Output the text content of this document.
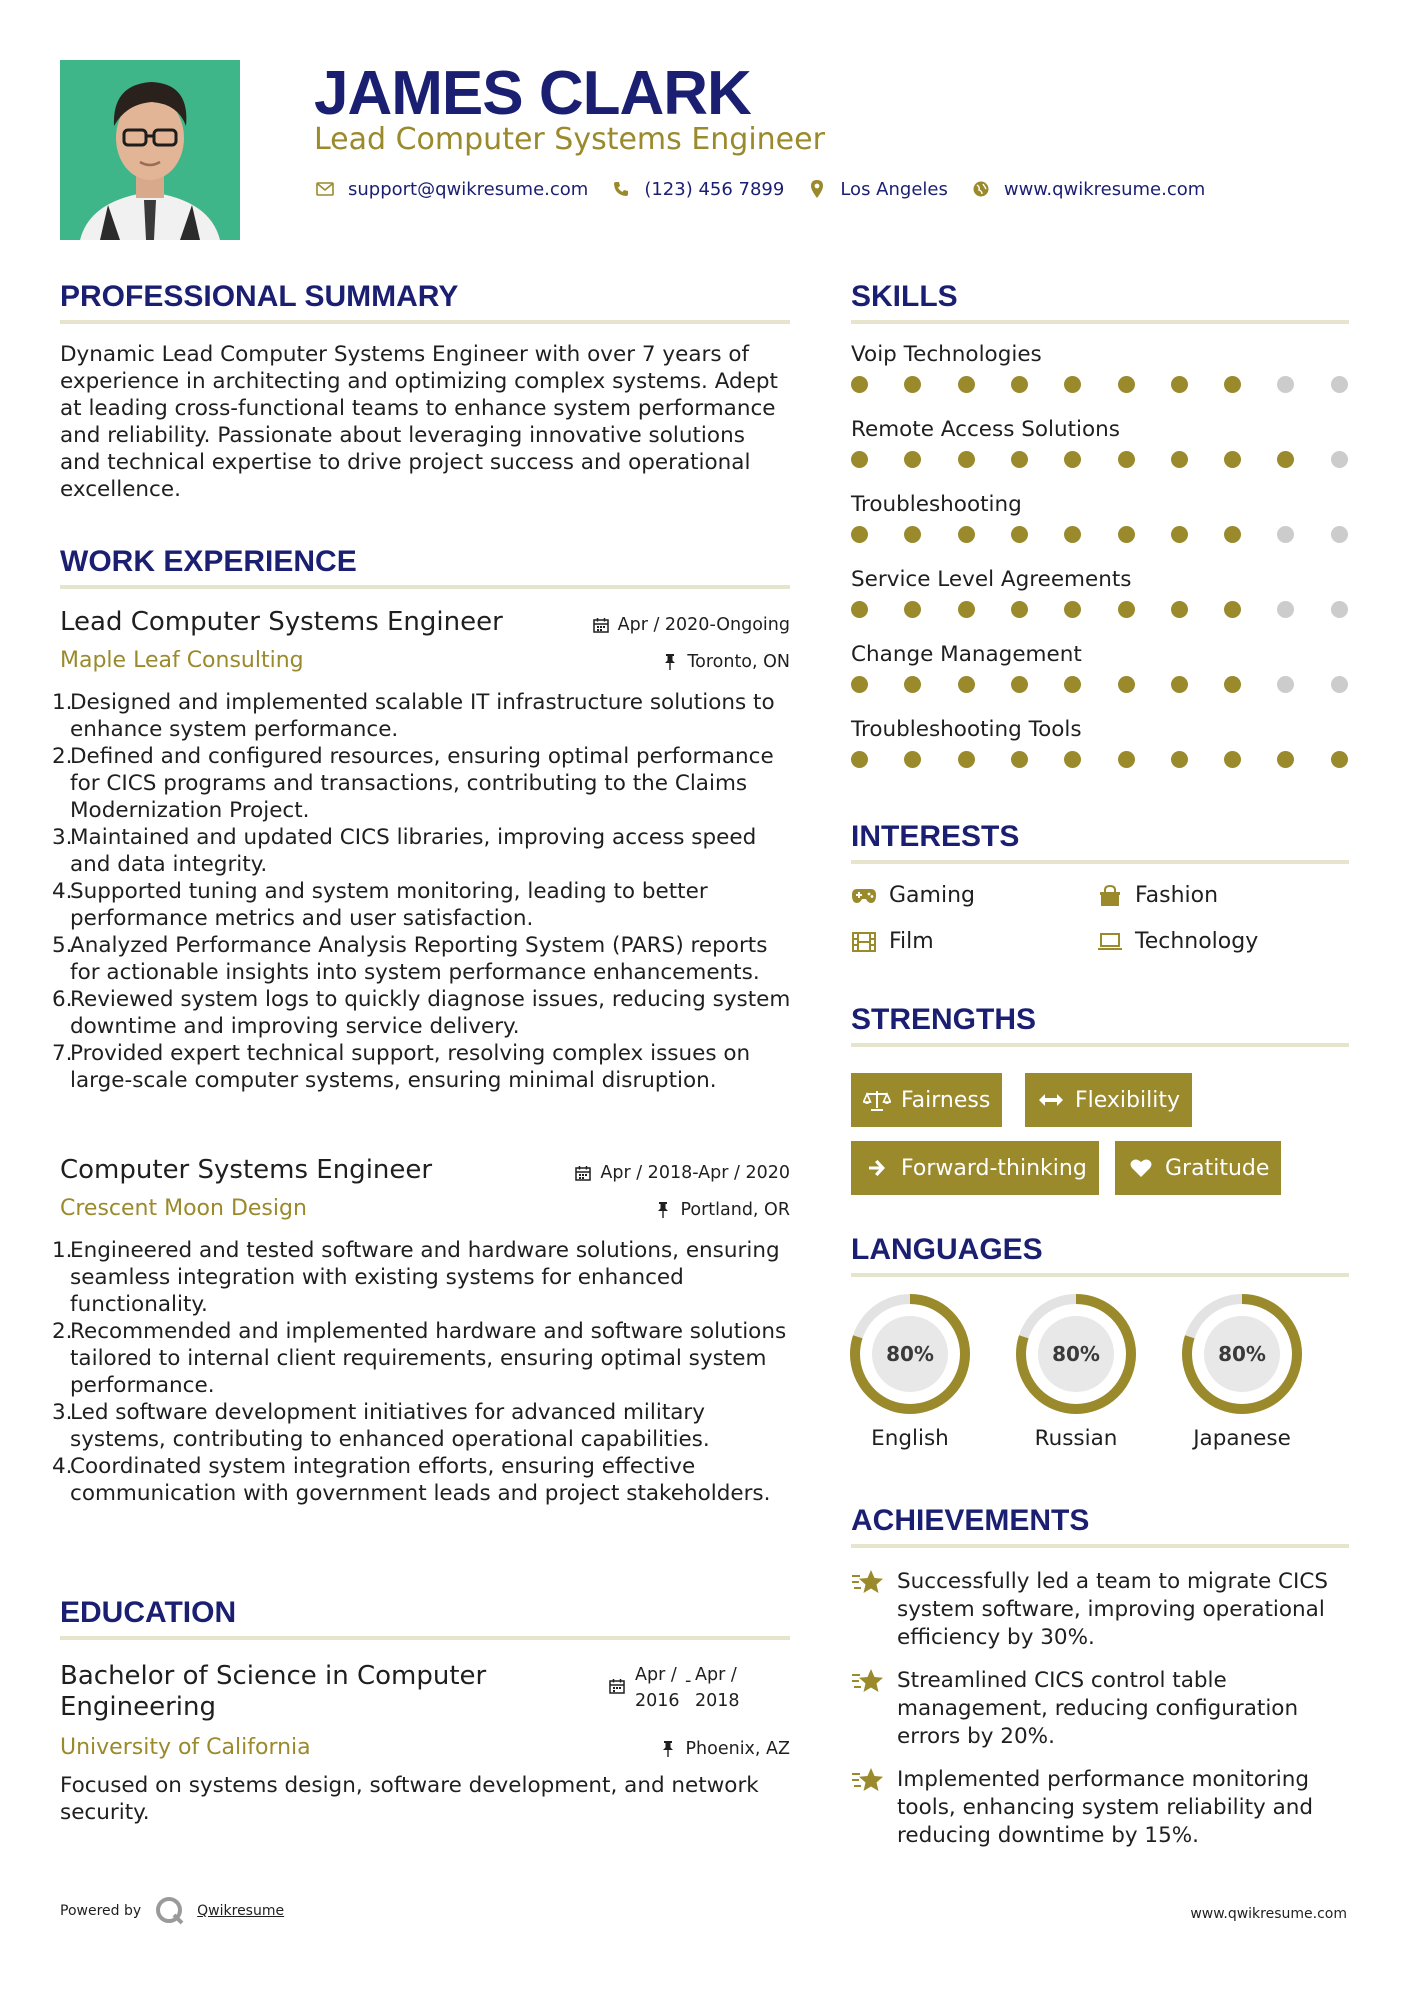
JAMES CLARK
Lead Computer Systems Engineer
support@qwikresume.com	(123) 456 7899	Los Angeles	www.qwikresume.com
PROFESSIONAL SUMMARY
Dynamic Lead Computer Systems Engineer with over 7 years of experience in architecting and optimizing complex systems. Adept at leading cross-functional teams to enhance system performance and reliability. Passionate about leveraging innovative solutions and technical expertise to drive project success and operational excellence.
WORK EXPERIENCE
Lead Computer Systems Engineer	Apr / 2020-Ongoing
Maple Leaf Consulting	Toronto, ON
1.
Designed and implemented scalable IT infrastructure solutions to enhance system performance.
2.
Defined and configured resources, ensuring optimal performance for CICS programs and transactions, contributing to the Claims Modernization Project.
3.
Maintained and updated CICS libraries, improving access speed and data integrity.
4.
Supported tuning and system monitoring, leading to better performance metrics and user satisfaction.
5.
Analyzed Performance Analysis Reporting System (PARS) reports for actionable insights into system performance enhancements.
6.
Reviewed system logs to quickly diagnose issues, reducing system downtime and improving service delivery.
7.
Provided expert technical support, resolving complex issues on large-scale computer systems, ensuring minimal disruption.
Computer Systems Engineer	Apr / 2018-Apr / 2020
Crescent Moon Design	Portland, OR
1.
Engineered and tested software and hardware solutions, ensuring seamless integration with existing systems for enhanced functionality.
2.
Recommended and implemented hardware and software solutions tailored to internal client requirements, ensuring optimal system performance.
3.
Led software development initiatives for advanced military systems, contributing to enhanced operational capabilities.
4.
Coordinated system integration efforts, ensuring effective communication with government leads and project stakeholders.
EDUCATION
Bachelor of Science in Computer
Engineering
Apr /
2016
- Apr /
2018
University of California	Phoenix, AZ
Focused on systems design, software development, and network security.
SKILLS
Voip Technologies
Remote Access Solutions
Troubleshooting
Service Level Agreements
Change Management
Troubleshooting Tools
INTERESTS
Gaming	Fashion
Film	Technology
STRENGTHS
Fairness	Flexibility
Forward-thinking	Gratitude
LANGUAGES
80%
English
80%
Russian
80%
Japanese
ACHIEVEMENTS
Successfully led a team to migrate CICS system software, improving operational efficiency by 30%.
Streamlined CICS control table management, reducing configuration errors by 20%.
Implemented performance monitoring tools, enhancing system reliability and reducing downtime by 15%.
Powered by	Qwikresume	www.qwikresume.com
